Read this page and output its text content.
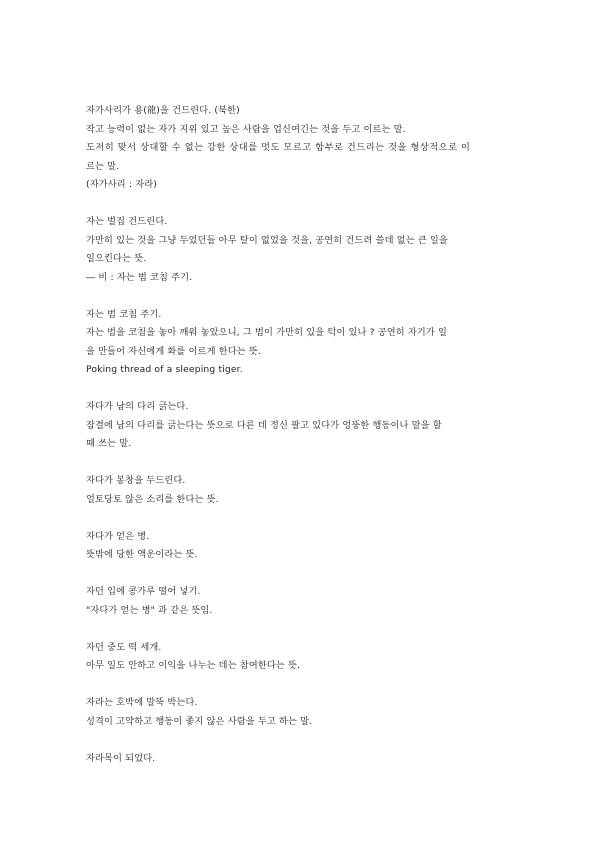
자가사리가 용(龍)을 건드린다. (북한)
작고 능력이 없는 자가 지위 있고 높은 사람을 업신여긴는 것을 두고 이르는 말.
도저히 맞서 상대할 수 없는 강한 상대를 멋도 모르고 함부로 건드리는 것을 형상적으로 이
르는 말.
(자가사리 : 자라)
자는 벌집 건드린다.
가만히 있는 것을 그냥 두었던들 아무 탈이 없었을 것을, 공연히 건드려 쓸데 없는 큰 일을
일으킨다는 뜻.
― 비 : 자는 범 코침 주기.
자는 범 코침 주기.
자는 범을 코침을 놓아 깨워 놓았으니, 그 범이 가만히 있을 턱이 있나 ? 공연히 자기가 일
을 만들어 자신에게 화를 이르게 한다는 뜻.
Poking thread of a sleeping tiger.
자다가 남의 다리 긁는다.
잠결에 남의 다리를 긁는다는 뜻으로 다른 데 정신 팔고 있다가 엉뚱한 행동이나 말을 할
때 쓰는 말.
자다가 봉창을 두드린다.
얼토당토 않은 소리를 한다는 뜻.
자다가 얻은 병.
뜻밖에 당한 액운이라는 뜻.
자던 입에 콩가루 떨어 넣기.
"자다가 얻는 병" 과 같은 뜻임.
자던 중도 떡 세개.
아무 일도 안하고 이익을 나누는 데는 참여한다는 뜻.
자라는 호박에 말뚝 박는다.
성격이 고약하고 행동이 좋지 않은 사람을 두고 하는 말.
자라목이 되었다.
